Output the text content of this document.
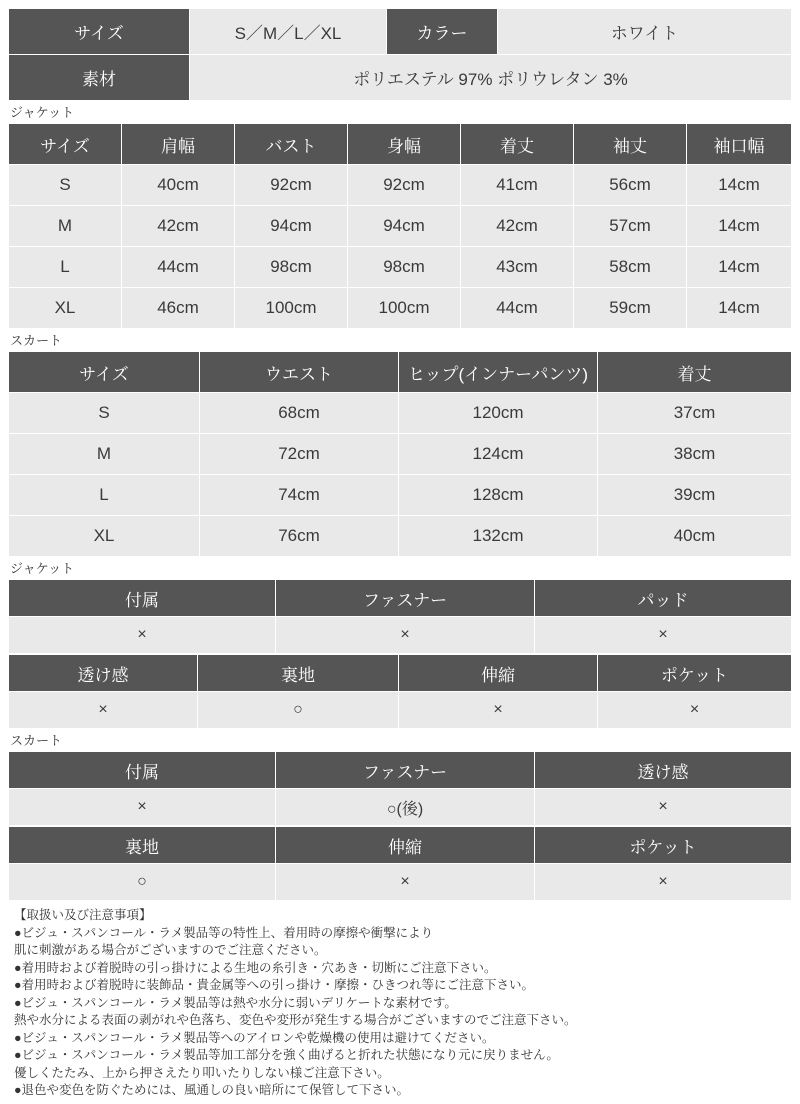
サイズ	S／M／L／XL	カラー	ホワイト
素材	ポリエステル 97% ポリウレタン 3%		
ジャケット
サイズ	肩幅	バスト	身幅	着丈	袖丈	袖口幅
S	40cm	92cm	92cm	41cm	56cm	14cm
M	42cm	94cm	94cm	42cm	57cm	14cm
L	44cm	98cm	98cm	43cm	58cm	14cm
XL	46cm	100cm	100cm	44cm	59cm	14cm
スカート
サイズ	ウエスト	ヒップ(インナーパンツ)	着丈
S	68cm	120cm	37cm
M	72cm	124cm	38cm
L	74cm	128cm	39cm
XL	76cm	132cm	40cm
ジャケット
付属	ファスナー	パッド
×	×	×
透け感	裏地	伸縮	ポケット
×	○	×	×
スカート
付属	ファスナー	透け感
×	○(後)	×
裏地	伸縮	ポケット
○	×	×
【取扱い及び注意事項】
●ビジュ・スパンコール・ラメ製品等の特性上、着用時の摩擦や衝撃により
肌に刺激がある場合がございますのでご注意ください。
●着用時および着脱時の引っ掛けによる生地の糸引き・穴あき・切断にご注意下さい。
●着用時および着脱時に装飾品・貴金属等への引っ掛け・摩擦・ひきつれ等にご注意下さい。
●ビジュ・スパンコール・ラメ製品等は熱や水分に弱いデリケートな素材です。
熱や水分による表面の剥がれや色落ち、変色や変形が発生する場合がございますのでご注意下さい。
●ビジュ・スパンコール・ラメ製品等へのアイロンや乾燥機の使用は避けてください。
●ビジュ・スパンコール・ラメ製品等加工部分を強く曲げると折れた状態になり元に戻りません。
優しくたたみ、上から押さえたり叩いたりしない様ご注意下さい。
●退色や変色を防ぐためには、風通しの良い暗所にて保管して下さい。
